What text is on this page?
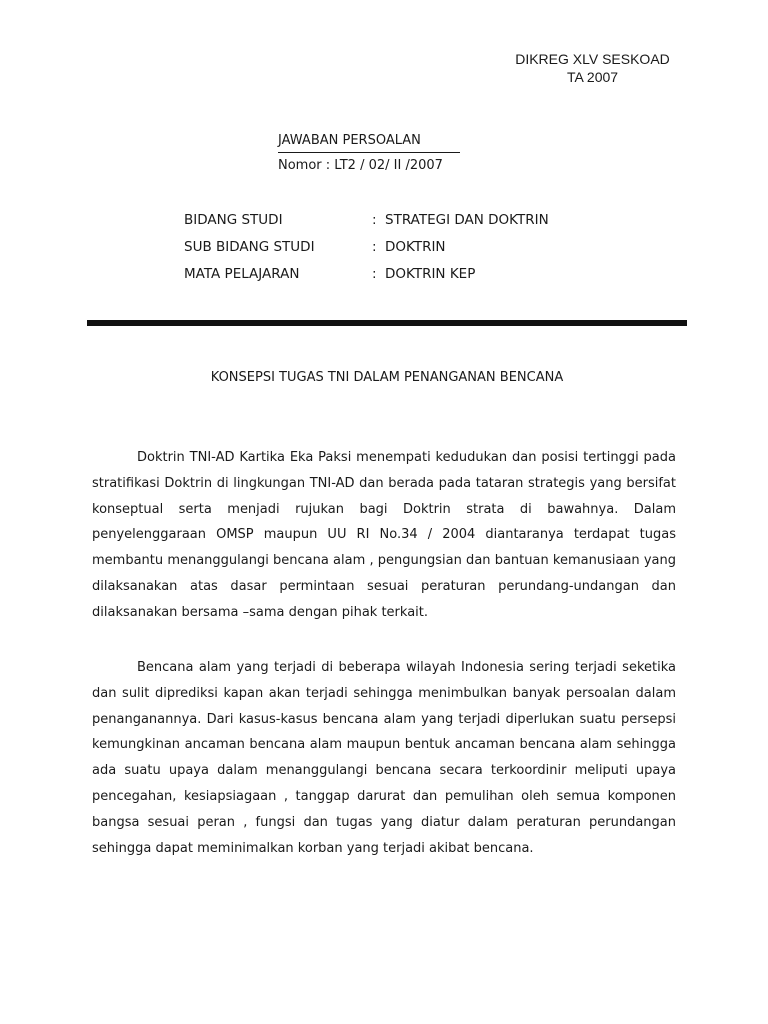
DIKREG XLV SESKOAD
TA 2007
JAWABAN PERSOALAN
Nomor : LT2 / 02/ II /2007
BIDANG STUDI	: STRATEGI DAN DOKTRIN
SUB BIDANG STUDI	: DOKTRIN
MATA PELAJARAN	: DOKTRIN KEP
KONSEPSI TUGAS TNI DALAM PENANGANAN BENCANA

Doktrin TNI-AD Kartika Eka Paksi menempati kedudukan dan posisi tertinggi pada stratifikasi Doktrin di lingkungan TNI-AD dan berada pada tataran strategis yang bersifat konseptual serta menjadi rujukan bagi Doktrin strata di bawahnya. Dalam penyelenggaraan OMSP maupun UU RI No.34 / 2004 diantaranya terdapat tugas membantu menanggulangi bencana alam , pengungsian dan bantuan kemanusiaan yang dilaksanakan atas dasar permintaan sesuai peraturan perundang-undangan dan dilaksanakan bersama –sama dengan pihak terkait.

Bencana alam yang terjadi di beberapa wilayah Indonesia sering terjadi seketika dan sulit diprediksi kapan akan terjadi sehingga menimbulkan banyak persoalan dalam penanganannya. Dari kasus-kasus bencana alam yang terjadi diperlukan suatu persepsi kemungkinan ancaman bencana alam maupun bentuk ancaman bencana alam sehingga ada suatu upaya dalam menanggulangi bencana secara terkoordinir meliputi upaya pencegahan, kesiapsiagaan , tanggap darurat dan pemulihan oleh semua komponen bangsa sesuai peran , fungsi dan tugas yang diatur dalam peraturan perundangan sehingga dapat meminimalkan korban yang terjadi akibat bencana.
